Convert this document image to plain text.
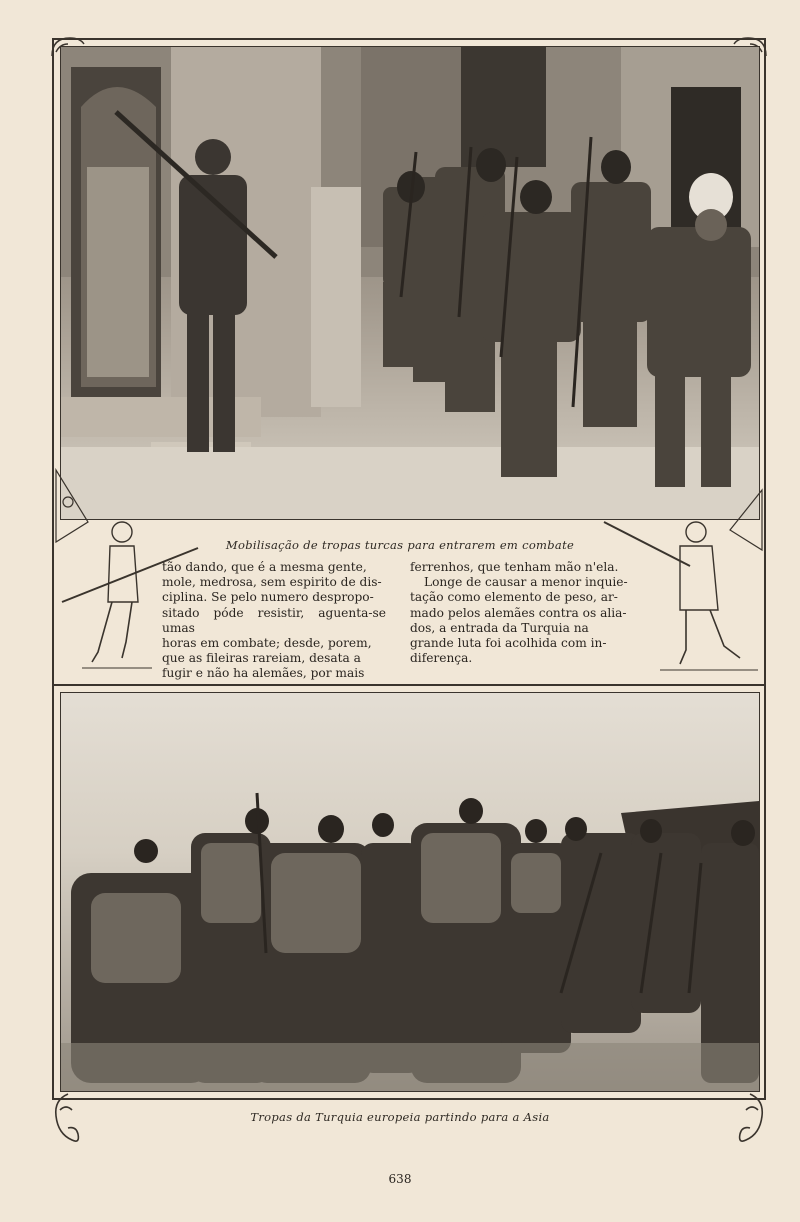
Mobilisação de tropas turcas para entrarem em combate

tão dando, que é a mesma gente,

mole, medrosa, sem espirito de dis-

ciplina. Se pelo numero despropo-

sitado póde resistir, aguenta-se umas

horas em combate; desde, porem,

que as fileiras rareiam, desata a

fugir e não ha alemães, por mais

ferrenhos, que tenham mão n'ela.

Longe de causar a menor inquie-

tação como elemento de peso, ar-

mado pelos alemães contra os alia-

dos, a entrada da Turquia na

grande luta foi acolhida com in-

diferença.

Tropas da Turquia europeia partindo para a Asia
638
